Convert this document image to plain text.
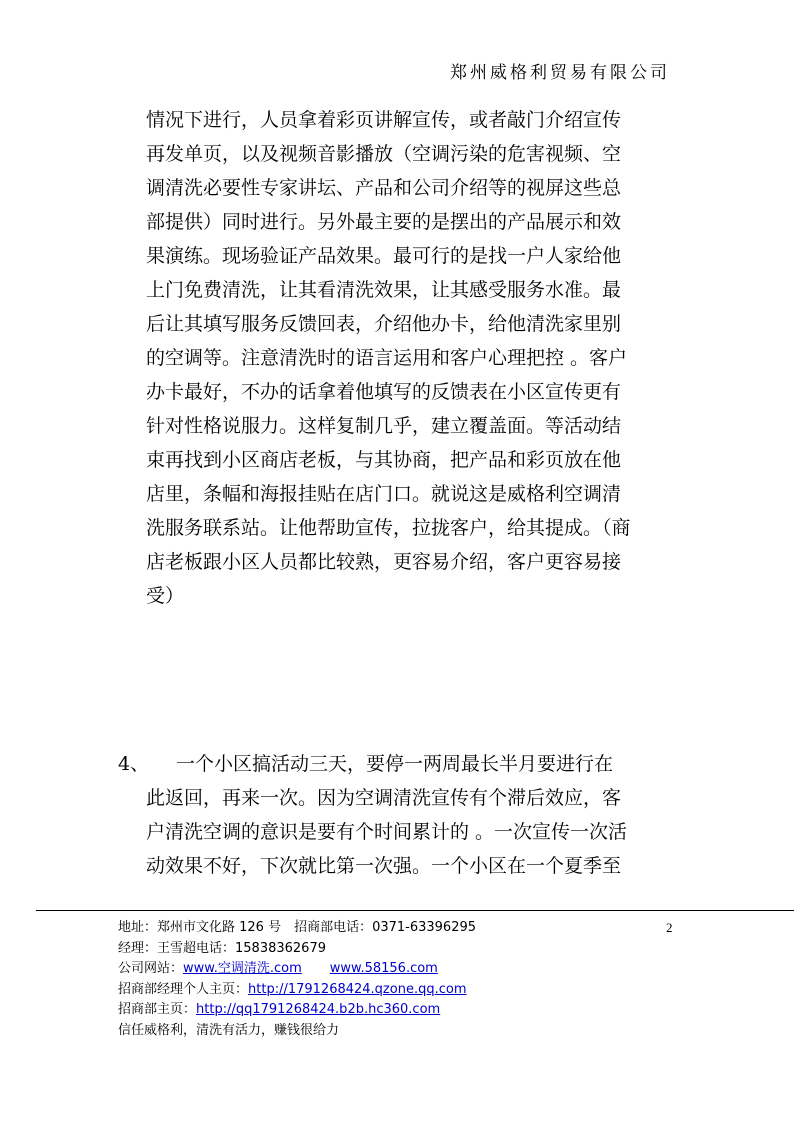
郑州威格利贸易有限公司
情况下进行，人员拿着彩页讲解宣传，或者敲门介绍宣传
再发单页，以及视频音影播放（空调污染的危害视频、空
调清洗必要性专家讲坛、产品和公司介绍等的视屏这些总
部提供）同时进行。另外最主要的是摆出的产品展示和效
果演练。现场验证产品效果。最可行的是找一户人家给他
上门免费清洗，让其看清洗效果，让其感受服务水准。最
后让其填写服务反馈回表，介绍他办卡，给他清洗家里别
的空调等。注意清洗时的语言运用和客户心理把控 。客户
办卡最好，不办的话拿着他填写的反馈表在小区宣传更有
针对性格说服力。这样复制几乎，建立覆盖面。等活动结
束再找到小区商店老板，与其协商，把产品和彩页放在他
店里，条幅和海报挂贴在店门口。就说这是威格利空调清
洗服务联系站。让他帮助宣传，拉拢客户，给其提成。（商
店老板跟小区人员都比较熟，更容易介绍，客户更容易接
受）
4、	一个小区搞活动三天，要停一两周最长半月要进行在
此返回，再来一次。因为空调清洗宣传有个滞后效应，客
户清洗空调的意识是要有个时间累计的 。一次宣传一次活
动效果不好，下次就比第一次强。一个小区在一个夏季至
2
地址：郑州市文化路 126 号　招商部电话：0371-63396295
经理：王雪超电话：15838362679
公司网站：www.空调清洗.com www.58156.com
招商部经理个人主页：http://1791268424.qzone.qq.com
招商部主页：http://qq1791268424.b2b.hc360.com
信任威格利，清洗有活力，赚钱很给力
